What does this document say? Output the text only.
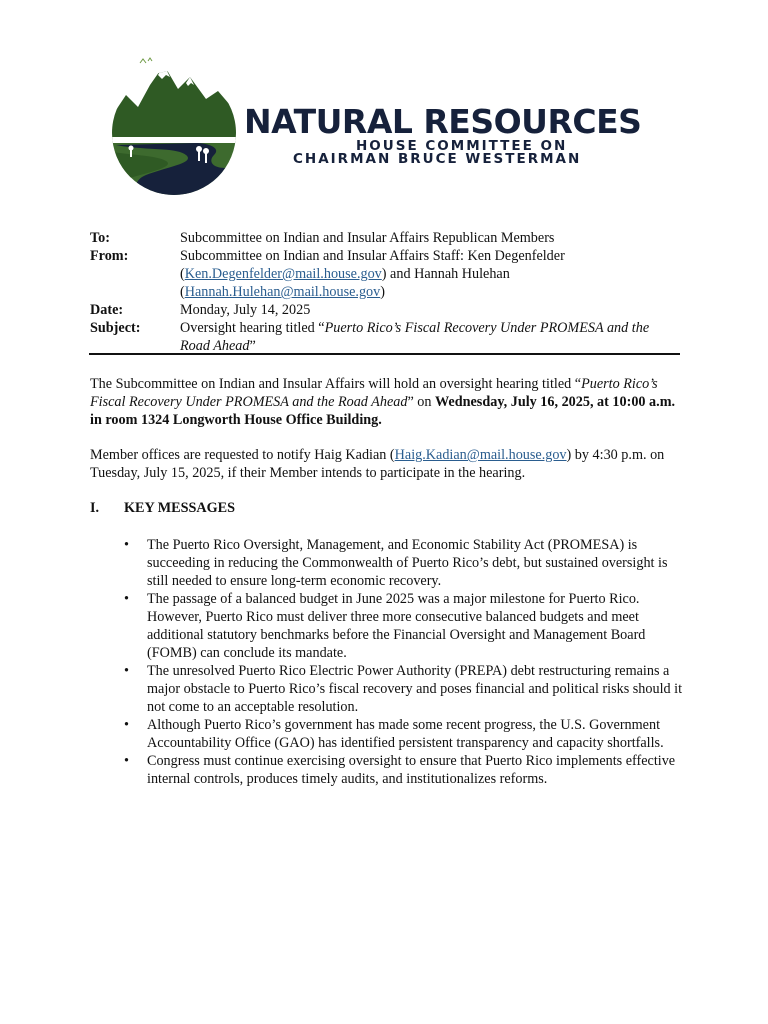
HOUSE COMMITTEE ON
NATURAL RESOURCES
CHAIRMAN BRUCE WESTERMAN
To:	Subcommittee on Indian and Insular Affairs Republican Members
From:	Subcommittee on Indian and Insular Affairs Staff: Ken Degenfelder (Ken.Degenfelder@mail.house.gov) and Hannah Hulehan (Hannah.Hulehan@mail.house.gov)
Date:	Monday, July 14, 2025
Subject:	Oversight hearing titled “Puerto Rico’s Fiscal Recovery Under PROMESA and the Road Ahead”
The Subcommittee on Indian and Insular Affairs will hold an oversight hearing titled “Puerto Rico’s Fiscal Recovery Under PROMESA and the Road Ahead” on Wednesday, July 16, 2025, at 10:00 a.m. in room 1324 Longworth House Office Building.
Member offices are requested to notify Haig Kadian (Haig.Kadian@mail.house.gov) by 4:30 p.m. on Tuesday, July 15, 2025, if their Member intends to participate in the hearing.
I. KEY MESSAGES
• The Puerto Rico Oversight, Management, and Economic Stability Act (PROMESA) is succeeding in reducing the Commonwealth of Puerto Rico’s debt, but sustained oversight is still needed to ensure long-term economic recovery.
• The passage of a balanced budget in June 2025 was a major milestone for Puerto Rico. However, Puerto Rico must deliver three more consecutive balanced budgets and meet additional statutory benchmarks before the Financial Oversight and Management Board (FOMB) can conclude its mandate.
• The unresolved Puerto Rico Electric Power Authority (PREPA) debt restructuring remains a major obstacle to Puerto Rico’s fiscal recovery and poses financial and political risks should it not come to an acceptable resolution.
• Although Puerto Rico’s government has made some recent progress, the U.S. Government Accountability Office (GAO) has identified persistent transparency and capacity shortfalls.
• Congress must continue exercising oversight to ensure that Puerto Rico implements effective internal controls, produces timely audits, and institutionalizes reforms.
